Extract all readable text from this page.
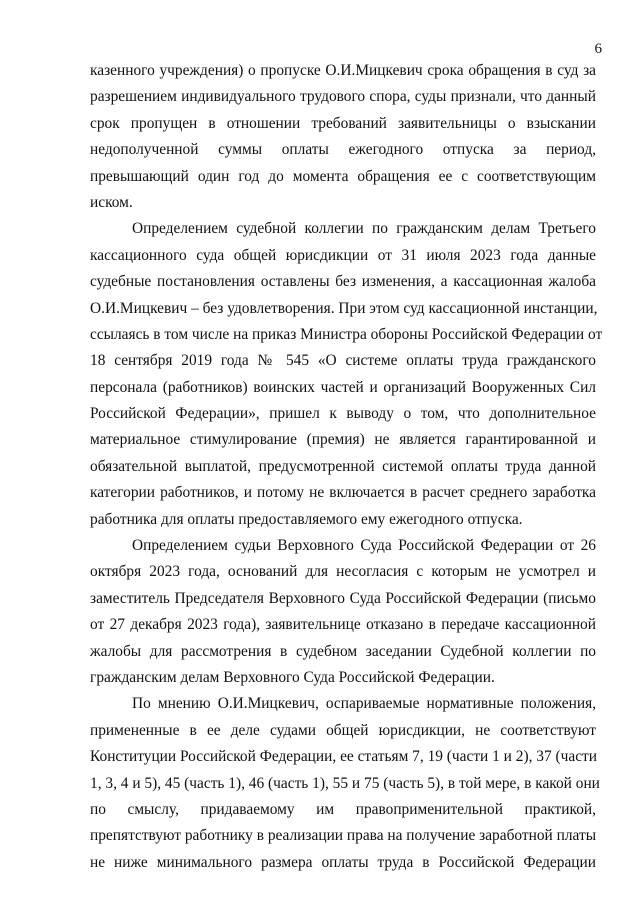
6
казенного учреждения) о пропуске О.И.Мицкевич срока обращения в суд за
разрешением индивидуального трудового спора, суды признали, что данный
срок пропущен в отношении требований заявительницы о взыскании
недополученной суммы оплаты ежегодного отпуска за период,
превышающий один год до момента обращения ее с соответствующим
иском.
Определением судебной коллегии по гражданским делам Третьего
кассационного суда общей юрисдикции от 31 июля 2023 года данные
судебные постановления оставлены без изменения, а кассационная жалоба
О.И.Мицкевич – без удовлетворения. При этом суд кассационной инстанции,
ссылаясь в том числе на приказ Министра обороны Российской Федерации от
18 сентября 2019 года № 545 «О системе оплаты труда гражданского
персонала (работников) воинских частей и организаций Вооруженных Сил
Российской Федерации», пришел к выводу о том, что дополнительное
материальное стимулирование (премия) не является гарантированной и
обязательной выплатой, предусмотренной системой оплаты труда данной
категории работников, и потому не включается в расчет среднего заработка
работника для оплаты предоставляемого ему ежегодного отпуска.
Определением судьи Верховного Суда Российской Федерации от 26
октября 2023 года, оснований для несогласия с которым не усмотрел и
заместитель Председателя Верховного Суда Российской Федерации (письмо
от 27 декабря 2023 года), заявительнице отказано в передаче кассационной
жалобы для рассмотрения в судебном заседании Судебной коллегии по
гражданским делам Верховного Суда Российской Федерации.
По мнению О.И.Мицкевич, оспариваемые нормативные положения,
примененные в ее деле судами общей юрисдикции, не соответствуют
Конституции Российской Федерации, ее статьям 7, 19 (части 1 и 2), 37 (части
1, 3, 4 и 5), 45 (часть 1), 46 (часть 1), 55 и 75 (часть 5), в той мере, в какой они
по смыслу, придаваемому им правоприменительной практикой,
препятствуют работнику в реализации права на получение заработной платы
не ниже минимального размера оплаты труда в Российской Федерации
